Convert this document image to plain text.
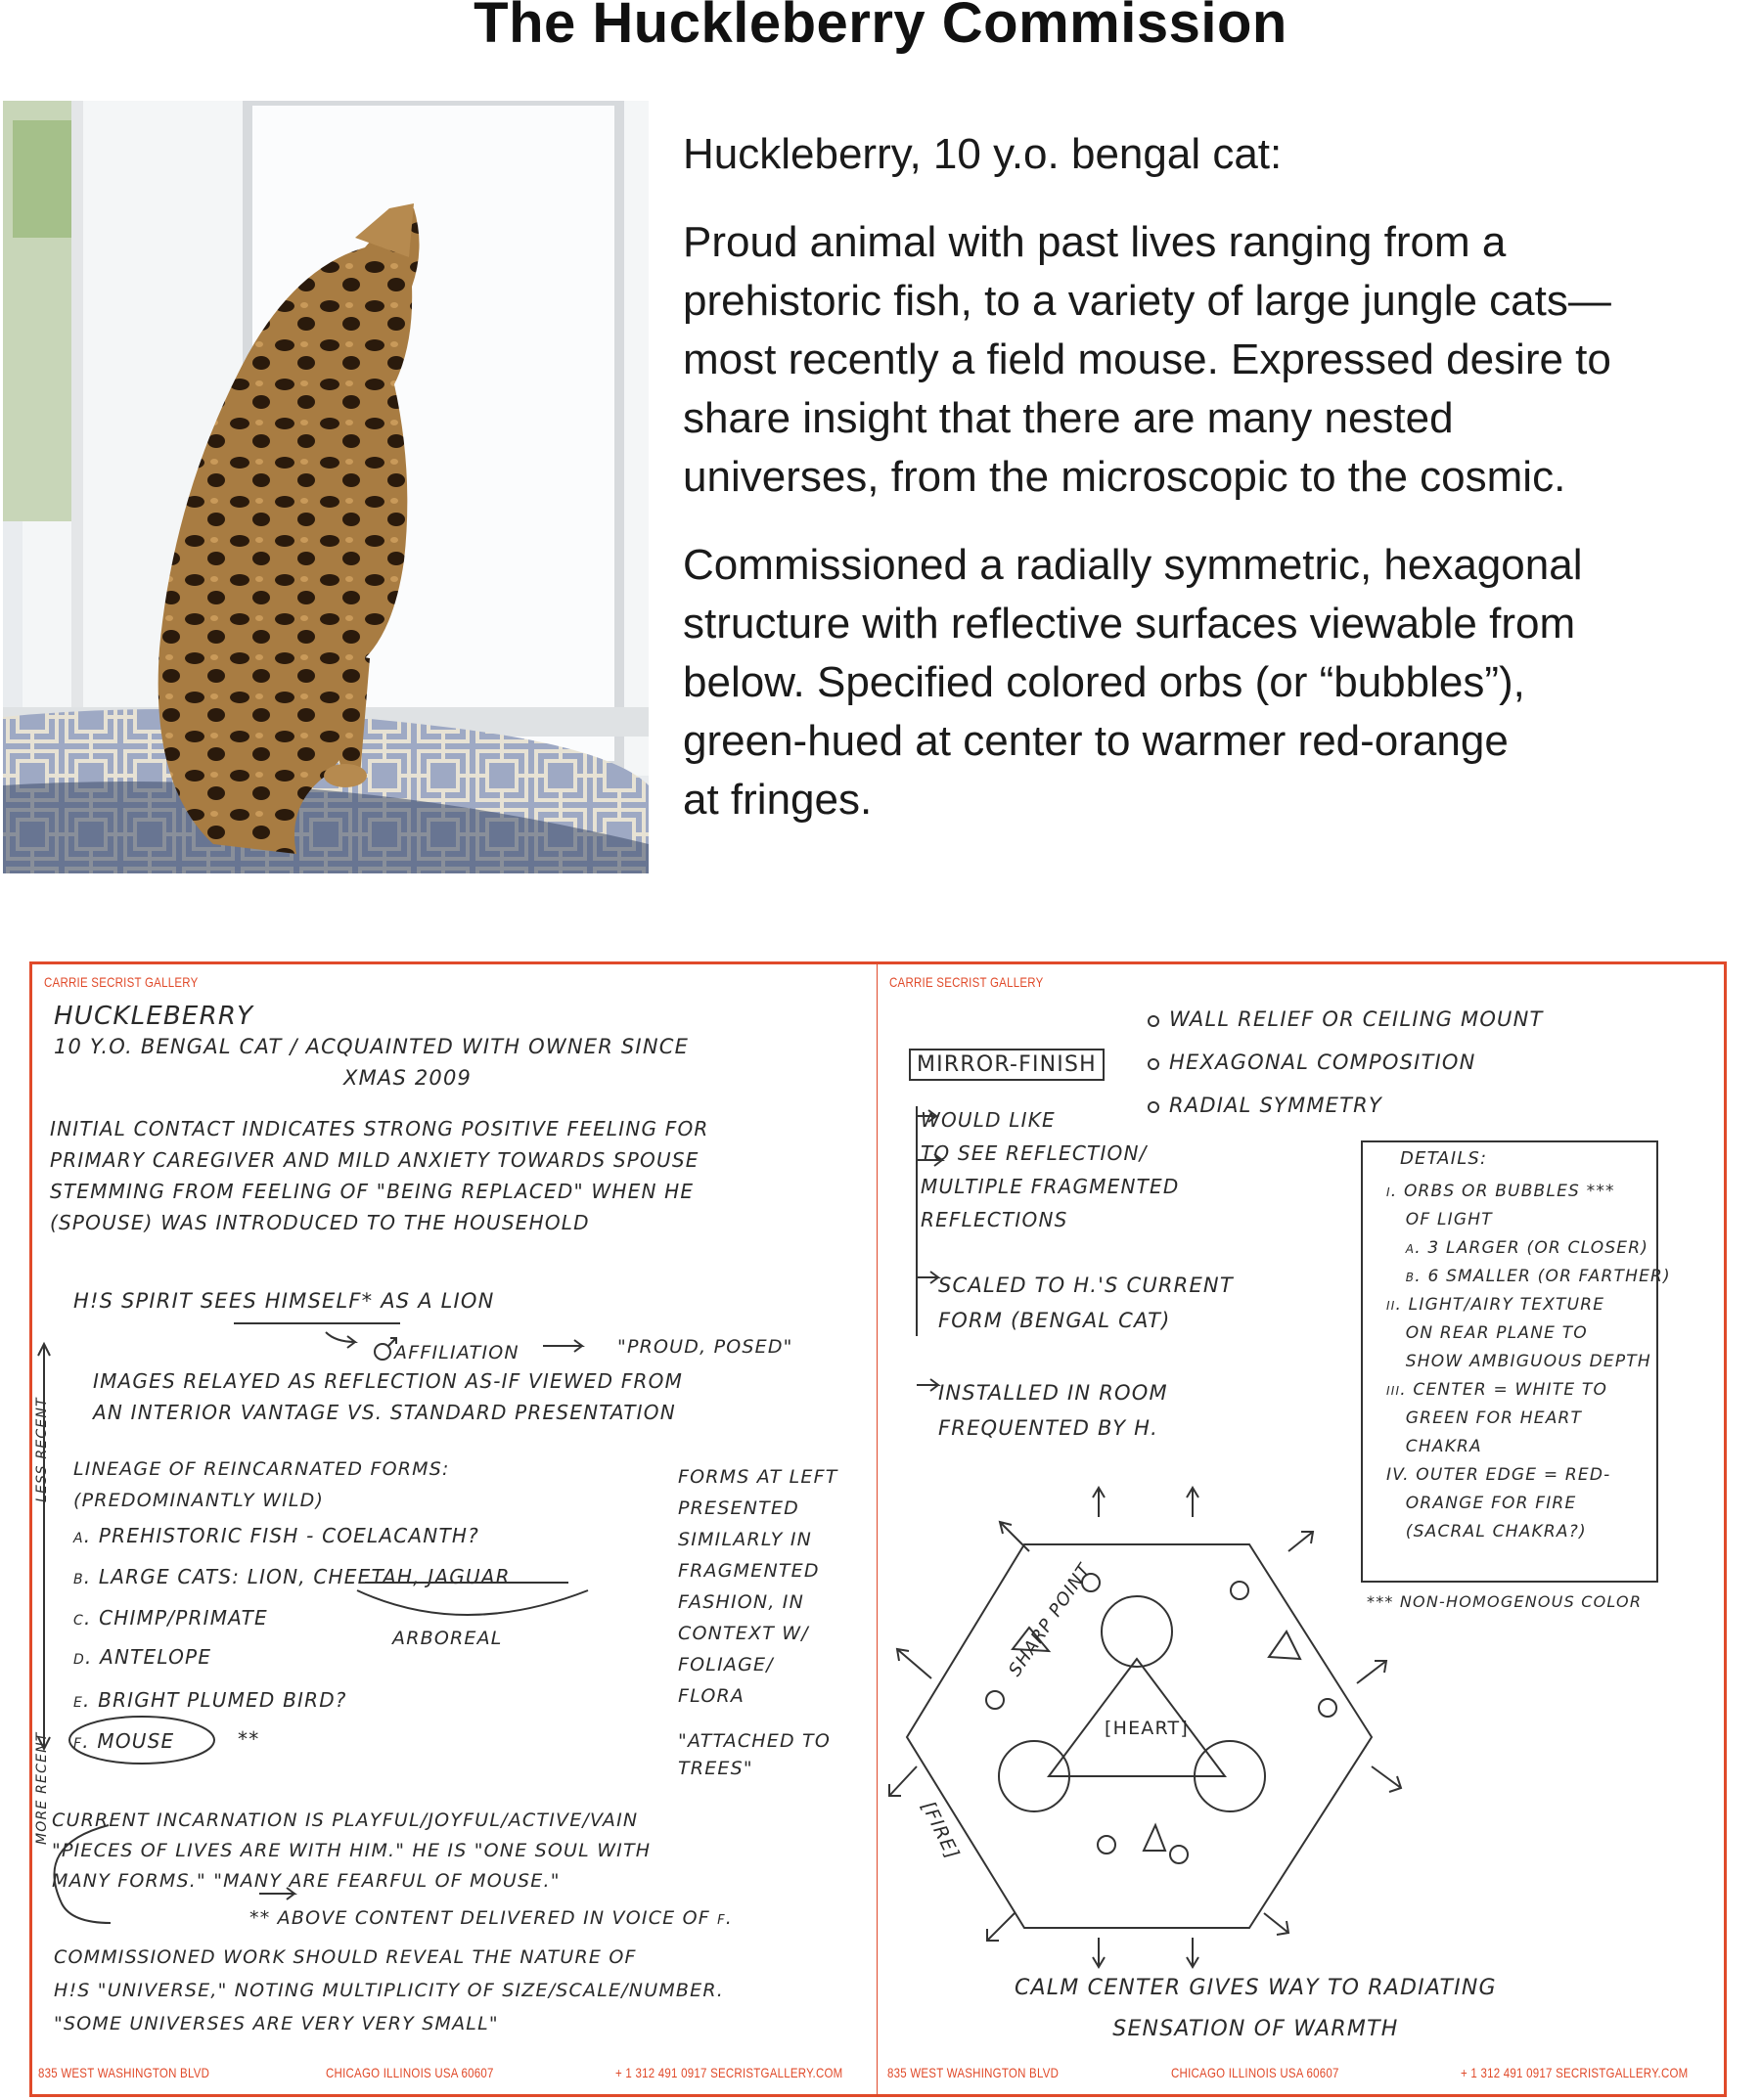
The Huckleberry Commission

Huckleberry, 10 y.o. bengal cat:

Proud animal with past lives ranging from a
prehistoric fish, to a variety of large jungle cats—
most recently a field mouse. Expressed desire to
share insight that there are many nested
universes, from the microscopic to the cosmic.

Commissioned a radially symmetric, hexagonal
structure with reflective surfaces viewable from
below. Specified colored orbs (or “bubbles”),
green-hued at center to warmer red-orange
at fringes.

CARRIE SECRIST GALLERY
HUCKLEBERRY
10 Y.O. BENGAL CAT / ACQUAINTED WITH OWNER SINCE
XMAS 2009
INITIAL CONTACT INDICATES STRONG POSITIVE FEELING FOR
PRIMARY CAREGIVER AND MILD ANXIETY TOWARDS SPOUSE
STEMMING FROM FEELING OF "BEING REPLACED" WHEN HE
(SPOUSE) WAS INTRODUCED TO THE HOUSEHOLD
H!S SPIRIT SEES HIMSELF* AS A LION
AFFILIATION	"PROUD, POSED"
IMAGES RELAYED AS REFLECTION AS-IF VIEWED FROM
AN INTERIOR VANTAGE VS. STANDARD PRESENTATION
LESS RECENT
MORE RECENT
LINEAGE OF REINCARNATED FORMS:
(PREDOMINANTLY WILD)
a. PREHISTORIC FISH - COELACANTH?
b. LARGE CATS: LION, CHEETAH, JAGUAR
c. CHIMP/PRIMATE
d. ANTELOPE
e. BRIGHT PLUMED BIRD?
f. MOUSE	**
ARBOREAL
FORMS AT LEFT
PRESENTED
SIMILARLY IN
FRAGMENTED
FASHION, IN
CONTEXT W/
FOLIAGE/
FLORA
"ATTACHED TO
TREES"
CURRENT INCARNATION IS PLAYFUL/JOYFUL/ACTIVE/VAIN
"PIECES OF LIVES ARE WITH HIM." HE IS "ONE SOUL WITH
MANY FORMS." "MANY ARE FEARFUL OF MOUSE."
** ABOVE CONTENT DELIVERED IN VOICE OF f.
COMMISSIONED WORK SHOULD REVEAL THE NATURE OF
H!S "UNIVERSE," NOTING MULTIPLICITY OF SIZE/SCALE/NUMBER.
"SOME UNIVERSES ARE VERY VERY SMALL"
835 WEST WASHINGTON BLVD	CHICAGO ILLINOIS USA 60607	+ 1 312 491 0917 SECRISTGALLERY.COM
CARRIE SECRIST GALLERY
WALL RELIEF OR CEILING MOUNT
HEXAGONAL COMPOSITION
RADIAL SYMMETRY
MIRROR-FINISH
WOULD LIKE
TO SEE REFLECTION/
MULTIPLE FRAGMENTED
REFLECTIONS
SCALED TO H.'S CURRENT
FORM (BENGAL CAT)
INSTALLED IN ROOM
FREQUENTED BY H.
DETAILS:
i. ORBS OR BUBBLES ***
OF LIGHT
a. 3 LARGER (OR CLOSER)
b. 6 SMALLER (OR FARTHER)
ii. LIGHT/AIRY TEXTURE
ON REAR PLANE TO
SHOW AMBIGUOUS DEPTH
iii. CENTER = WHITE TO
GREEN FOR HEART
CHAKRA
IV. OUTER EDGE = RED-
ORANGE FOR FIRE
(SACRAL CHAKRA?)
*** NON-HOMOGENOUS COLOR
SHARP POINT
[HEART]
[FIRE]
CALM CENTER GIVES WAY TO RADIATING
SENSATION OF WARMTH
835 WEST WASHINGTON BLVD	CHICAGO ILLINOIS USA 60607	+ 1 312 491 0917 SECRISTGALLERY.COM
